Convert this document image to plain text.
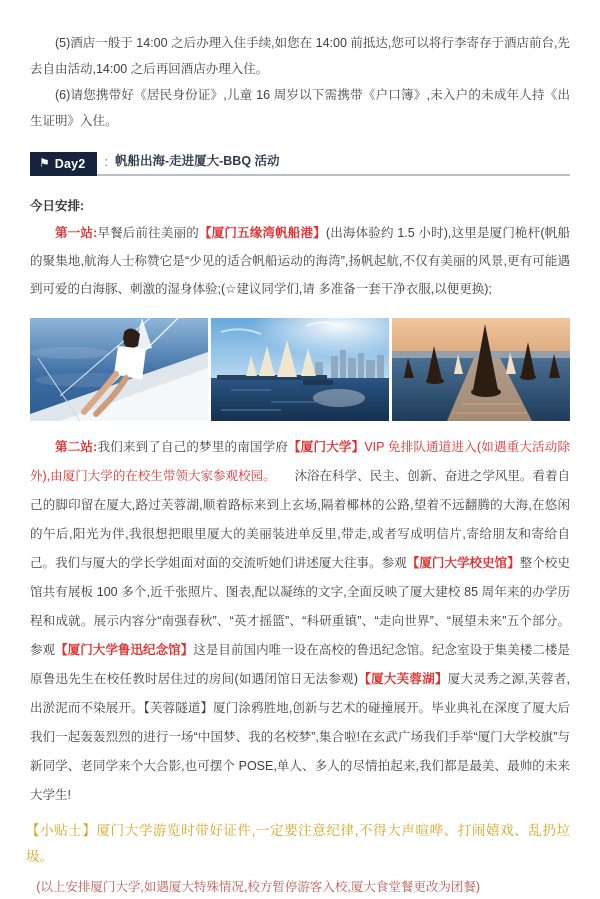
(5)酒店一般于 14:00 之后办理入住手续,如您在 14:00 前抵达,您可以将行李寄存于酒店前台,先去自由活动,14:00 之后再回酒店办理入住。

(6)请您携带好《居民身份证》,儿童 16 周岁以下需携带《户口簿》,未入户的未成年人持《出生证明》入住。

⚑ Day2 : 帆船出海-走进厦大-BBQ 活动

今日安排:

第一站:早餐后前往美丽的【厦门五缘湾帆船港】(出海体验约 1.5 小时),这里是厦门桅杆(帆船的聚集地,航海人士称赞它是“少见的适合帆船运动的海湾”,扬帆起航,不仅有美丽的风景,更有可能遇到可爱的白海豚、刺激的湿身体验;(☆建议同学们,请 多准备一套干净衣服,以便更换);

第二站:我们来到了自己的梦里的南国学府【厦门大学】VIP 免排队通道进入(如遇重大活动除外),由厦门大学的在校生带领大家参观校园。　　沐浴在科学、民主、创新、奋进之学风里。看着自己的脚印留在厦大,路过芙蓉湖,顺着路标来到上玄场,隔着椰林的公路,望着不远翻腾的大海,在悠闲的午后,阳光为伴,我很想把眼里厦大的美丽装进单反里,带走,或者写成明信片,寄给朋友和寄给自己。我们与厦大的学长学姐面对面的交流听她们讲述厦大往事。参观【厦门大学校史馆】整个校史馆共有展板 100 多个,近千张照片、图表,配以凝练的文字,全面反映了厦大建校 85 周年来的办学历程和成就。展示内容分“南强春秋”、“英才摇篮”、“科研重镇”、“走向世界”、“展望未来”五个部分。参观【厦门大学鲁迅纪念馆】这是目前国内唯一设在高校的鲁迅纪念馆。纪念室设于集美楼二楼是原鲁迅先生在校任教时居住过的房间(如遇闭馆日无法参观)【厦大芙蓉湖】厦大灵秀之源,芙蓉者,出淤泥而不染展开。【芙蓉隧道】厦门涂鸦胜地,创新与艺术的碰撞展开。毕业典礼在深度了厦大后我们一起轰轰烈烈的进行一场“中国梦、我的名校梦”,集合啦!在玄武广场我们手举“厦门大学校旗”与新同学、老同学来个大合影,也可摆个 POSE,单人、多人的尽情拍起来,我们都是最美、最帅的未来大学生!

【小贴士】厦门大学游览时带好证件,一定要注意纪律,不得大声喧哗、打闹嬉戏、乱扔垃圾。

(以上安排厦门大学,如遇厦大特殊情况,校方暂停游客入校,厦大食堂餐更改为团餐)
